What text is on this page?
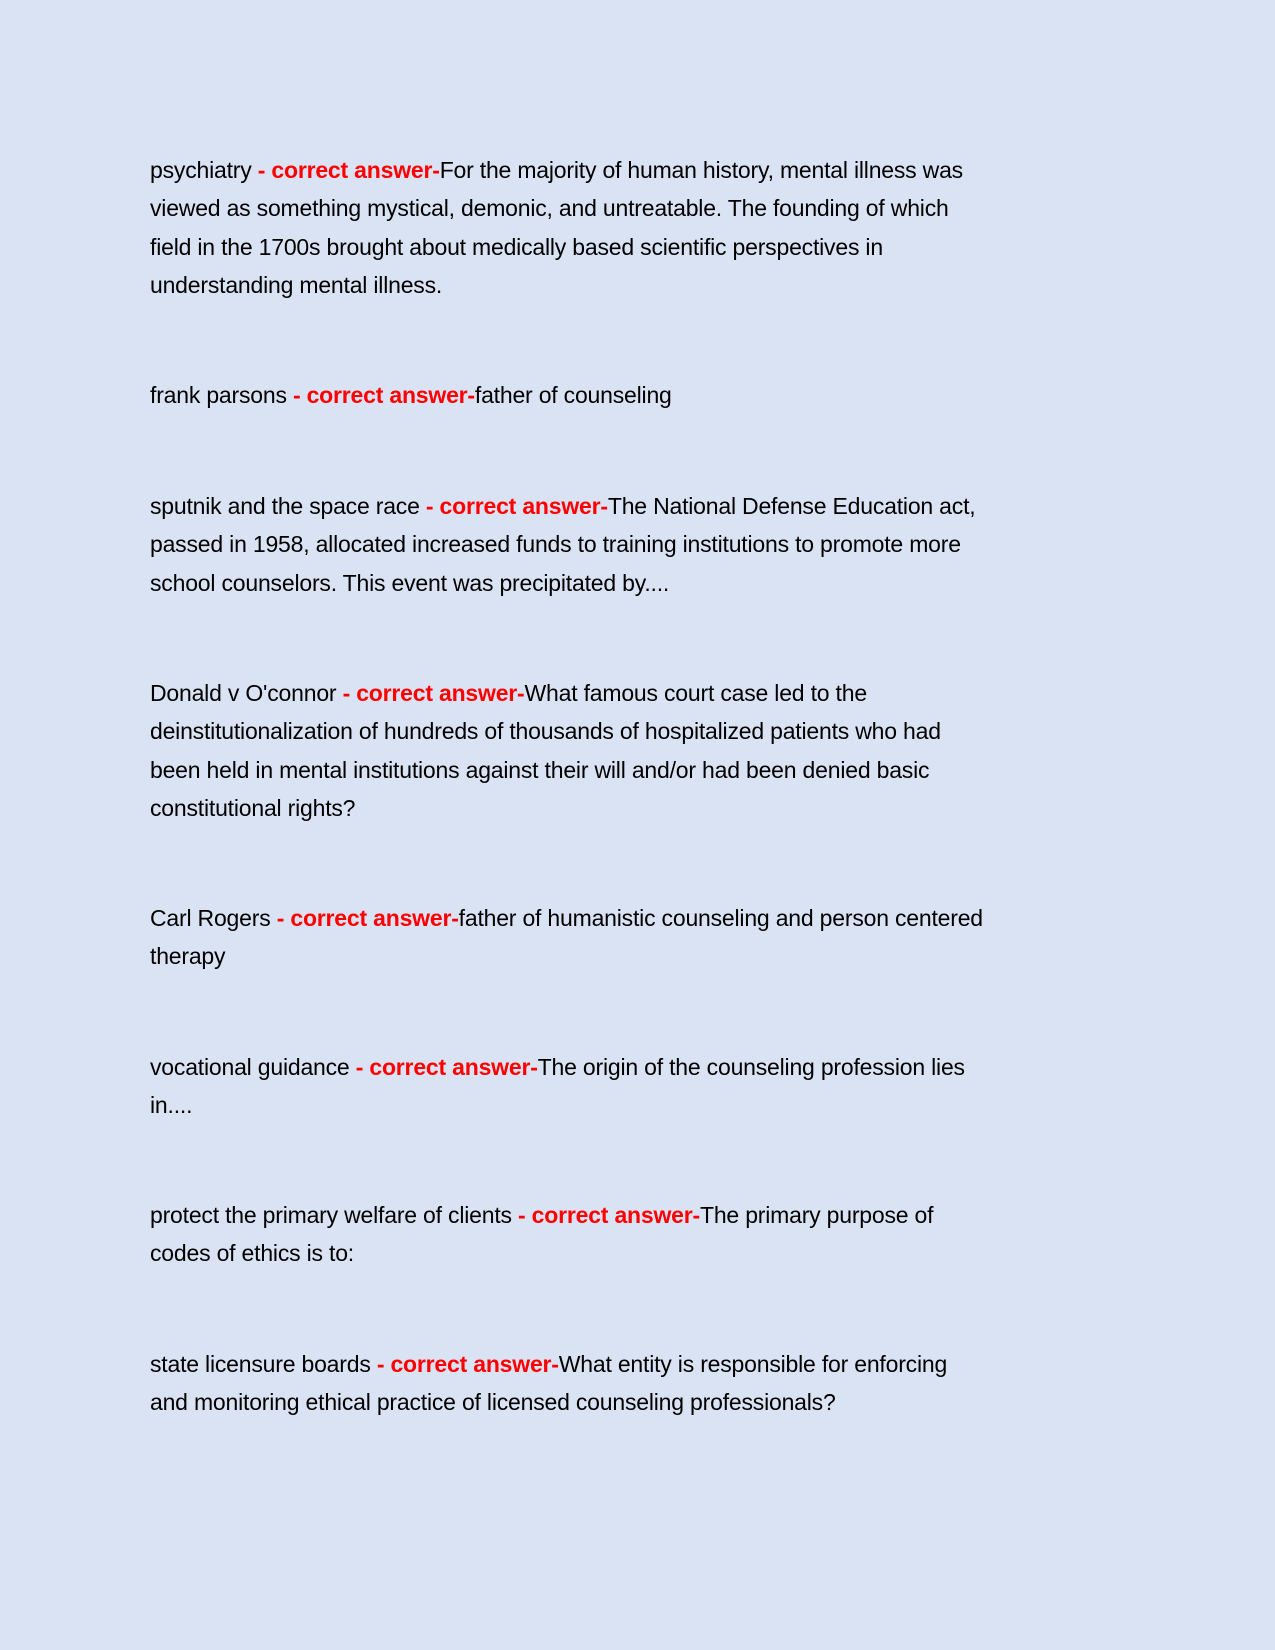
psychiatry - correct answer-For the majority of human history, mental illness was
viewed as something mystical, demonic, and untreatable. The founding of which
field in the 1700s brought about medically based scientific perspectives in
understanding mental illness.
frank parsons - correct answer-father of counseling
sputnik and the space race - correct answer-The National Defense Education act,
passed in 1958, allocated increased funds to training institutions to promote more
school counselors. This event was precipitated by....
Donald v O'connor - correct answer-What famous court case led to the
deinstitutionalization of hundreds of thousands of hospitalized patients who had
been held in mental institutions against their will and/or had been denied basic
constitutional rights?
Carl Rogers - correct answer-father of humanistic counseling and person centered
therapy
vocational guidance - correct answer-The origin of the counseling profession lies
in....
protect the primary welfare of clients - correct answer-The primary purpose of
codes of ethics is to:
state licensure boards - correct answer-What entity is responsible for enforcing
and monitoring ethical practice of licensed counseling professionals?
